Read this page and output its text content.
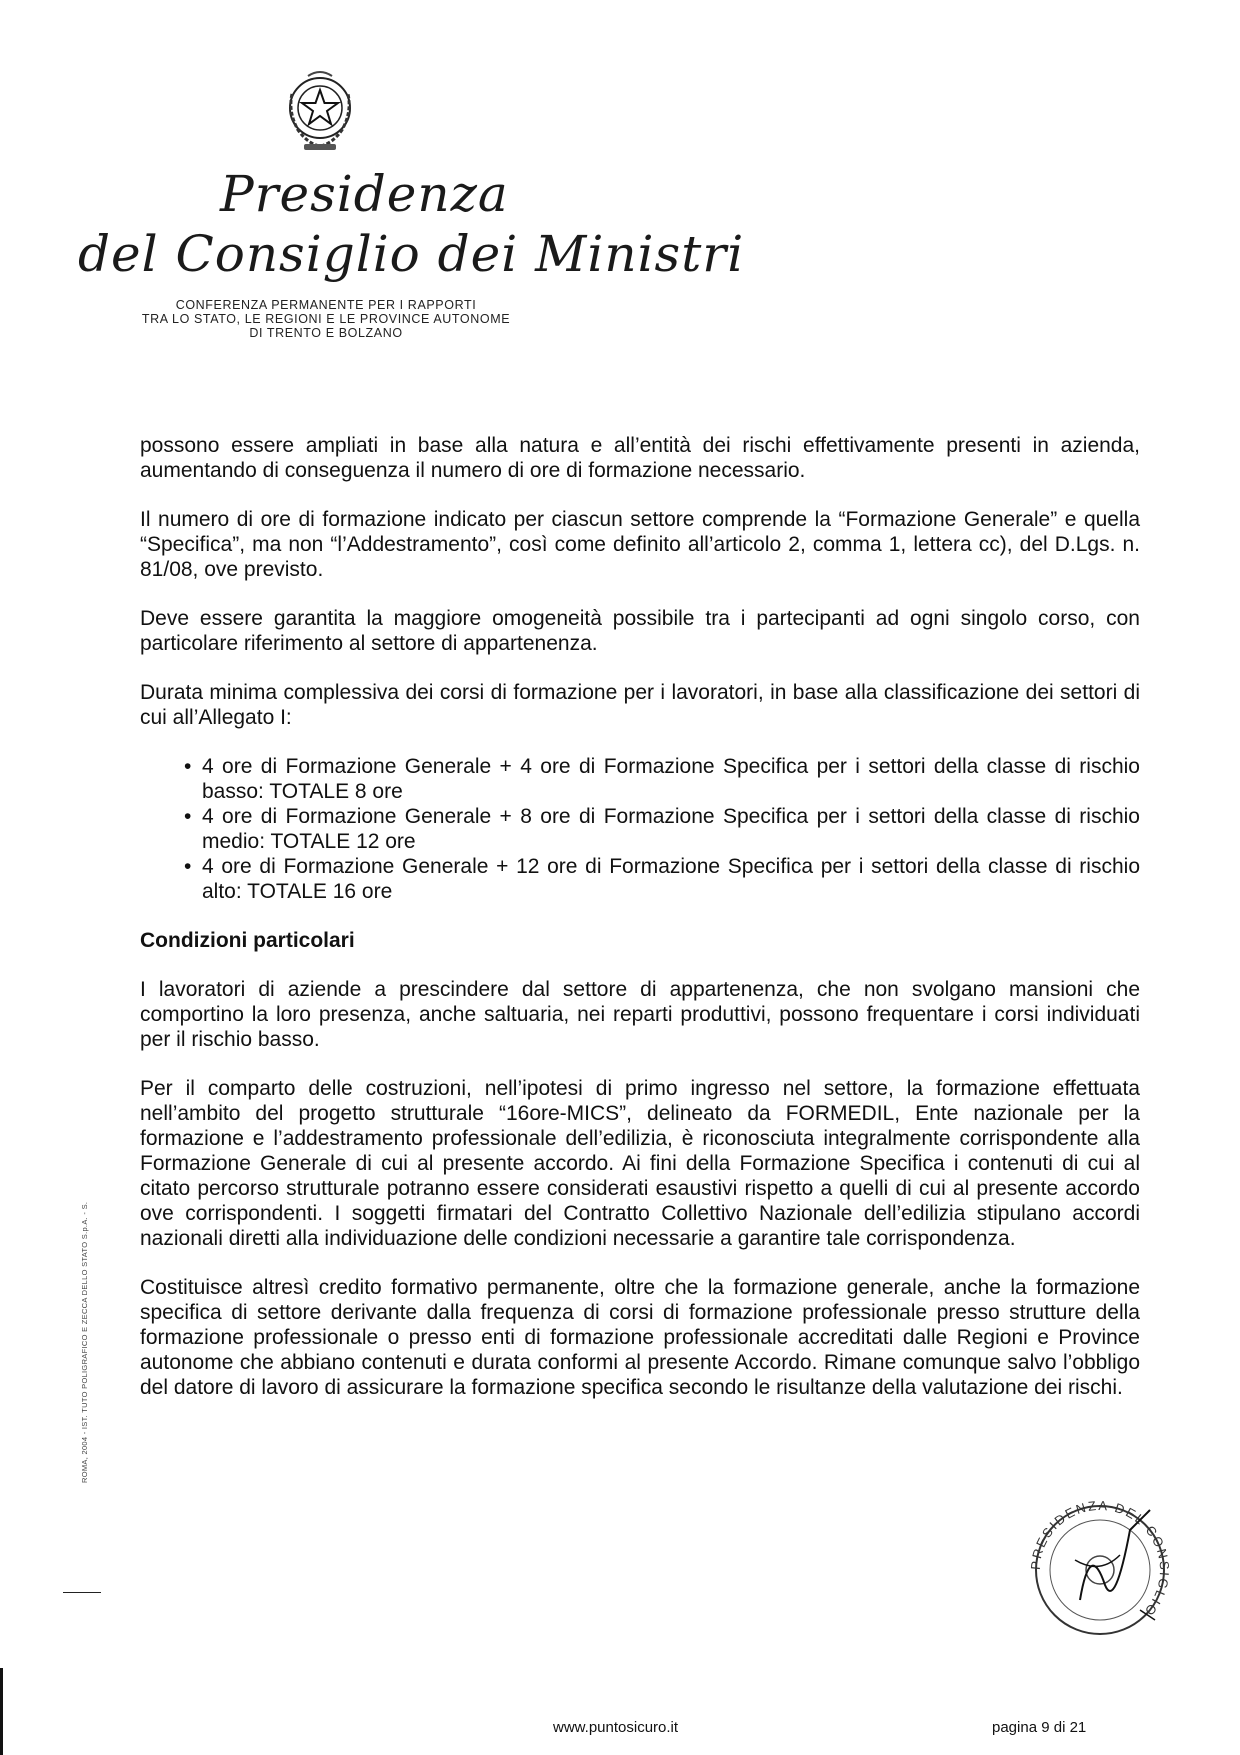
Presidenza
del Consiglio dei Ministri
CONFERENZA PERMANENTE PER I RAPPORTI
TRA LO STATO, LE REGIONI E LE PROVINCE AUTONOME
DI TRENTO E BOLZANO

possono essere ampliati in base alla natura e all’entità dei rischi effettivamente presenti in azienda, aumentando di conseguenza il numero di ore di formazione necessario.

Il numero di ore di formazione indicato per ciascun settore comprende la “Formazione Generale” e quella “Specifica”, ma non “l’Addestramento”, così come definito all’articolo 2, comma 1, lettera cc), del D.Lgs. n. 81/08, ove previsto.

Deve essere garantita la maggiore omogeneità possibile tra i partecipanti ad ogni singolo corso, con particolare riferimento al settore di appartenenza.

Durata minima complessiva dei corsi di formazione per i lavoratori, in base alla classificazione dei settori di cui all’Allegato I:

• 4 ore di Formazione Generale + 4 ore di Formazione Specifica per i settori della classe di rischio basso: TOTALE 8 ore
• 4 ore di Formazione Generale + 8 ore di Formazione Specifica per i settori della classe di rischio medio: TOTALE 12 ore
• 4 ore di Formazione Generale + 12 ore di Formazione Specifica per i settori della classe di rischio alto: TOTALE 16 ore
Condizioni particolari

I lavoratori di aziende a prescindere dal settore di appartenenza, che non svolgano mansioni che comportino la loro presenza, anche saltuaria, nei reparti produttivi, possono frequentare i corsi individuati per il rischio basso.

Per il comparto delle costruzioni, nell’ipotesi di primo ingresso nel settore, la formazione effettuata nell’ambito del progetto strutturale “16ore-MICS”, delineato da FORMEDIL, Ente nazionale per la formazione e l’addestramento professionale dell’edilizia, è riconosciuta integralmente corrispondente alla Formazione Generale di cui al presente accordo. Ai fini della Formazione Specifica i contenuti di cui al citato percorso strutturale potranno essere considerati esaustivi rispetto a quelli di cui al presente accordo ove corrispondenti. I soggetti firmatari del Contratto Collettivo Nazionale dell’edilizia stipulano accordi nazionali diretti alla individuazione delle condizioni necessarie a garantire tale corrispondenza.

Costituisce altresì credito formativo permanente, oltre che la formazione generale, anche la formazione specifica di settore derivante dalla frequenza di corsi di formazione professionale presso strutture della formazione professionale o presso enti di formazione professionale accreditati dalle Regioni e Province autonome che abbiano contenuti e durata conformi al presente Accordo. Rimane comunque salvo l’obbligo del datore di lavoro di assicurare la formazione specifica secondo le risultanze della valutazione dei rischi.

ROMA, 2004 - IST. TUTO POLIGRAFICO E ZECCA DELLO STATO S.p.A. - S.
PRESIDENZA DEL CONSIGLIO
www.puntosicuro.it	pagina 9 di 21
